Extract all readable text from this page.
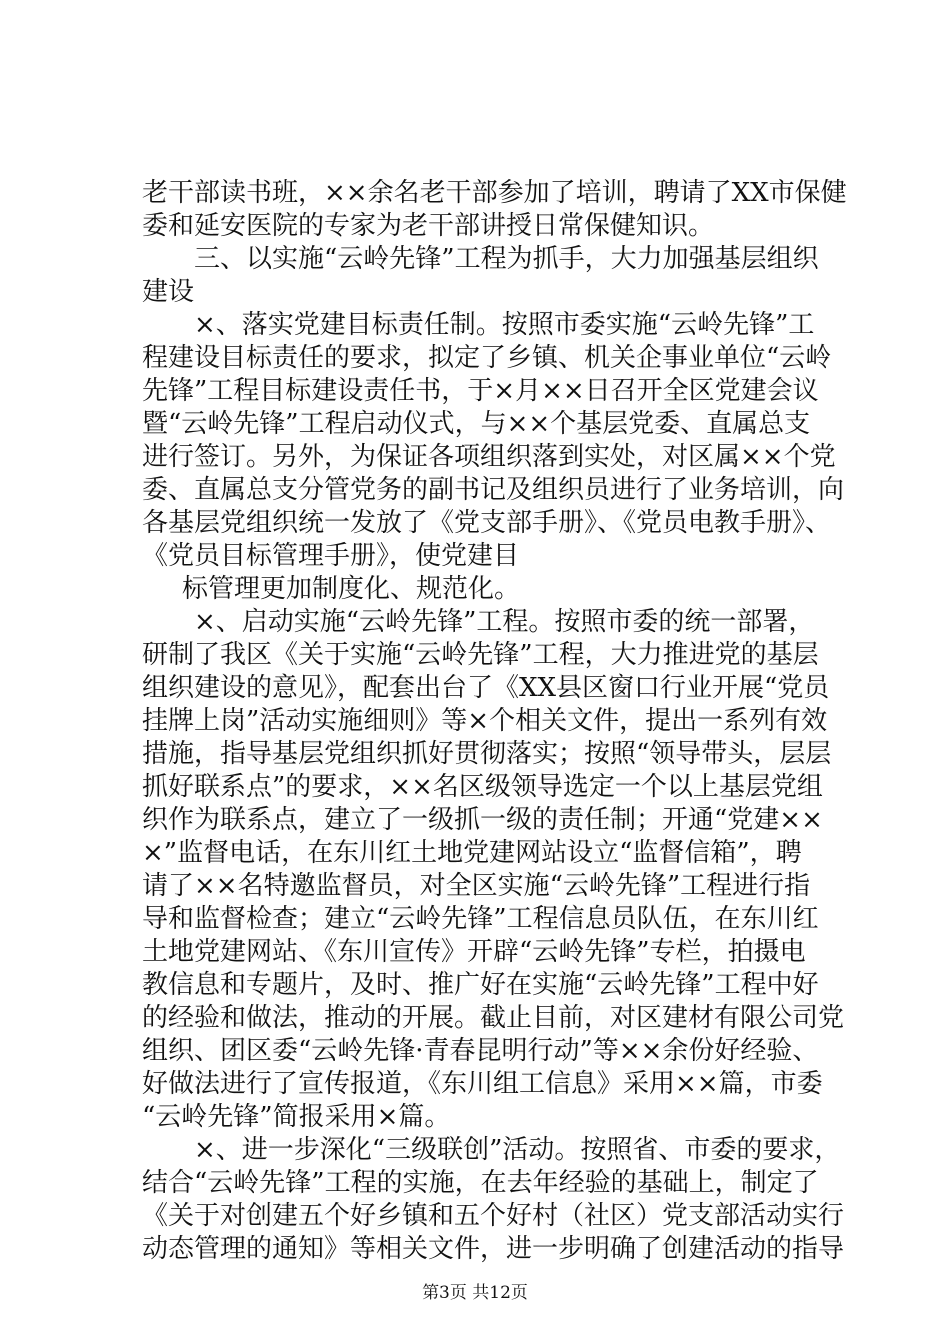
老干部读书班，××余名老干部参加了培训，聘请了XX市保健
委和延安医院的专家为老干部讲授日常保健知识。
三、以实施“云岭先锋”工程为抓手，大力加强基层组织
建设
×、落实党建目标责任制。按照市委实施“云岭先锋”工
程建设目标责任的要求，拟定了乡镇、机关企事业单位“云岭
先锋”工程目标建设责任书，于×月××日召开全区党建会议
暨“云岭先锋”工程启动仪式，与××个基层党委、直属总支
进行签订。另外，为保证各项组织落到实处，对区属××个党
委、直属总支分管党务的副书记及组织员进行了业务培训，向
各基层党组织统一发放了《党支部手册》、《党员电教手册》、
《党员目标管理手册》，使党建目
标管理更加制度化、规范化。
×、启动实施“云岭先锋”工程。按照市委的统一部署，
研制了我区《关于实施“云岭先锋”工程，大力推进党的基层
组织建设的意见》，配套出台了《XX县区窗口行业开展“党员
挂牌上岗”活动实施细则》等×个相关文件，提出一系列有效
措施，指导基层党组织抓好贯彻落实；按照“领导带头，层层
抓好联系点”的要求，××名区级领导选定一个以上基层党组
织作为联系点，建立了一级抓一级的责任制；开通“党建××
×”监督电话，在东川红土地党建网站设立“监督信箱”，聘
请了××名特邀监督员，对全区实施“云岭先锋”工程进行指
导和监督检查；建立“云岭先锋”工程信息员队伍，在东川红
土地党建网站、《东川宣传》开辟“云岭先锋”专栏，拍摄电
教信息和专题片，及时、推广好在实施“云岭先锋”工程中好
的经验和做法，推动的开展。截止目前，对区建材有限公司党
组织、团区委“云岭先锋·青春昆明行动”等××余份好经验、
好做法进行了宣传报道，《东川组工信息》采用××篇，市委
“云岭先锋”简报采用×篇。
×、进一步深化“三级联创”活动。按照省、市委的要求，
结合“云岭先锋”工程的实施，在去年经验的基础上，制定了
《关于对创建五个好乡镇和五个好村（社区）党支部活动实行
动态管理的通知》等相关文件，进一步明确了创建活动的指导
第3页 共12页
